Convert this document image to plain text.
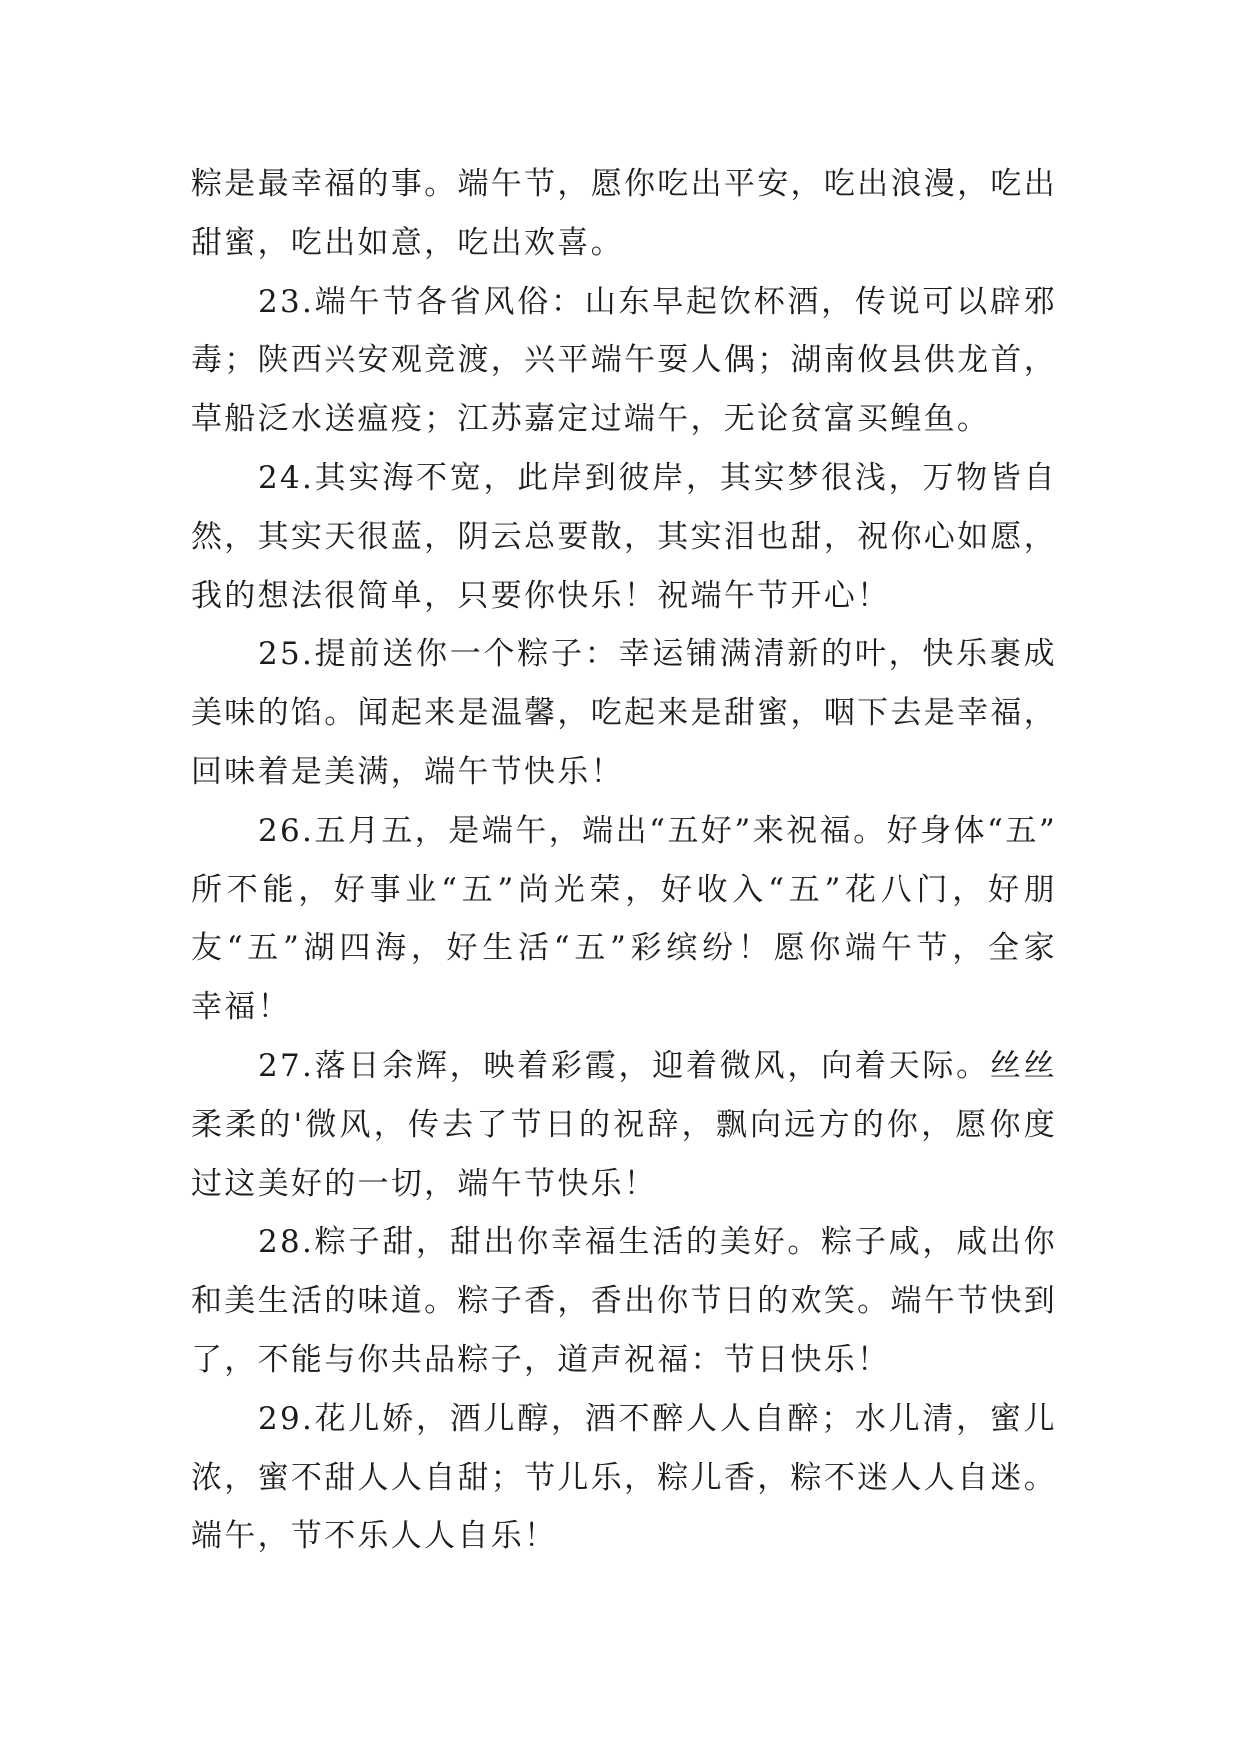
粽是最幸福的事。端午节，愿你吃出平安，吃出浪漫，吃出
甜蜜，吃出如意，吃出欢喜。
23.端午节各省风俗：山东早起饮杯酒，传说可以辟邪
毒；陕西兴安观竞渡，兴平端午耍人偶；湖南攸县供龙首，
草船泛水送瘟疫；江苏嘉定过端午，无论贫富买鳇鱼。
24.其实海不宽，此岸到彼岸，其实梦很浅，万物皆自
然，其实天很蓝，阴云总要散，其实泪也甜，祝你心如愿，
我的想法很简单，只要你快乐！祝端午节开心！
25.提前送你一个粽子：幸运铺满清新的叶，快乐裹成
美味的馅。闻起来是温馨，吃起来是甜蜜，咽下去是幸福，
回味着是美满，端午节快乐！
26.五月五，是端午，端出“五好”来祝福。好身体“五”
所不能，好事业“五”尚光荣，好收入“五”花八门，好朋
友“五”湖四海，好生活“五”彩缤纷！愿你端午节，全家
幸福！
27.落日余辉，映着彩霞，迎着微风，向着天际。丝丝
柔柔的'微风，传去了节日的祝辞，飘向远方的你，愿你度
过这美好的一切，端午节快乐！
28.粽子甜，甜出你幸福生活的美好。粽子咸，咸出你
和美生活的味道。粽子香，香出你节日的欢笑。端午节快到
了，不能与你共品粽子，道声祝福：节日快乐！
29.花儿娇，酒儿醇，酒不醉人人自醉；水儿清，蜜儿
浓，蜜不甜人人自甜；节儿乐，粽儿香，粽不迷人人自迷。
端午，节不乐人人自乐！
